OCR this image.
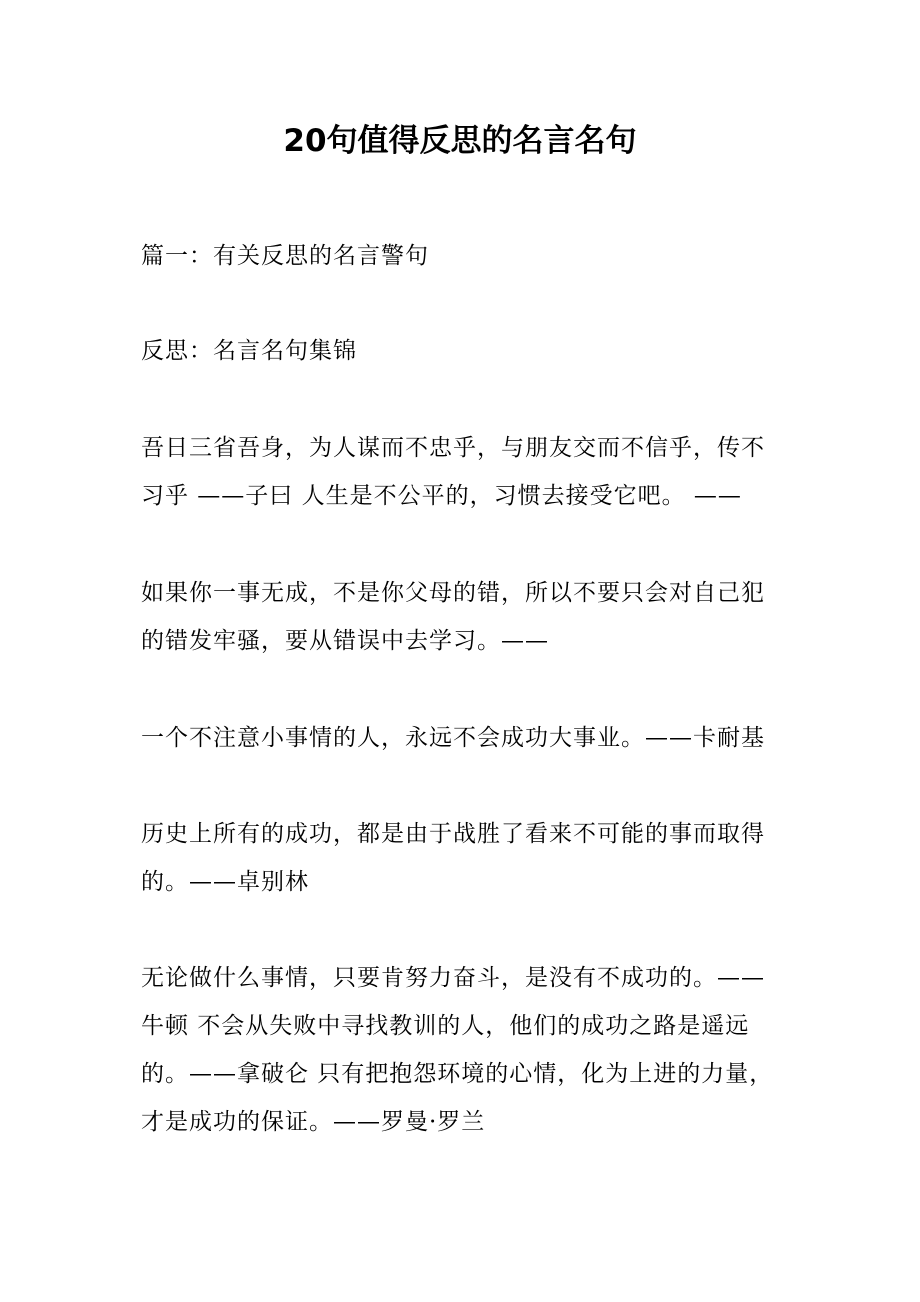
20句值得反思的名言名句

篇一：有关反思的名言警句

反思：名言名句集锦

吾日三省吾身，为人谋而不忠乎，与朋友交而不信乎，传不
习乎 ——子曰 人生是不公平的，习惯去接受它吧。 ——

如果你一事无成，不是你父母的错，所以不要只会对自己犯
的错发牢骚，要从错误中去学习。——

一个不注意小事情的人，永远不会成功大事业。——卡耐基

历史上所有的成功，都是由于战胜了看来不可能的事而取得
的。——卓别林

无论做什么事情，只要肯努力奋斗，是没有不成功的。——
牛顿 不会从失败中寻找教训的人，他们的成功之路是遥远
的。——拿破仑 只有把抱怨环境的心情，化为上进的力量，
才是成功的保证。——罗曼·罗兰
